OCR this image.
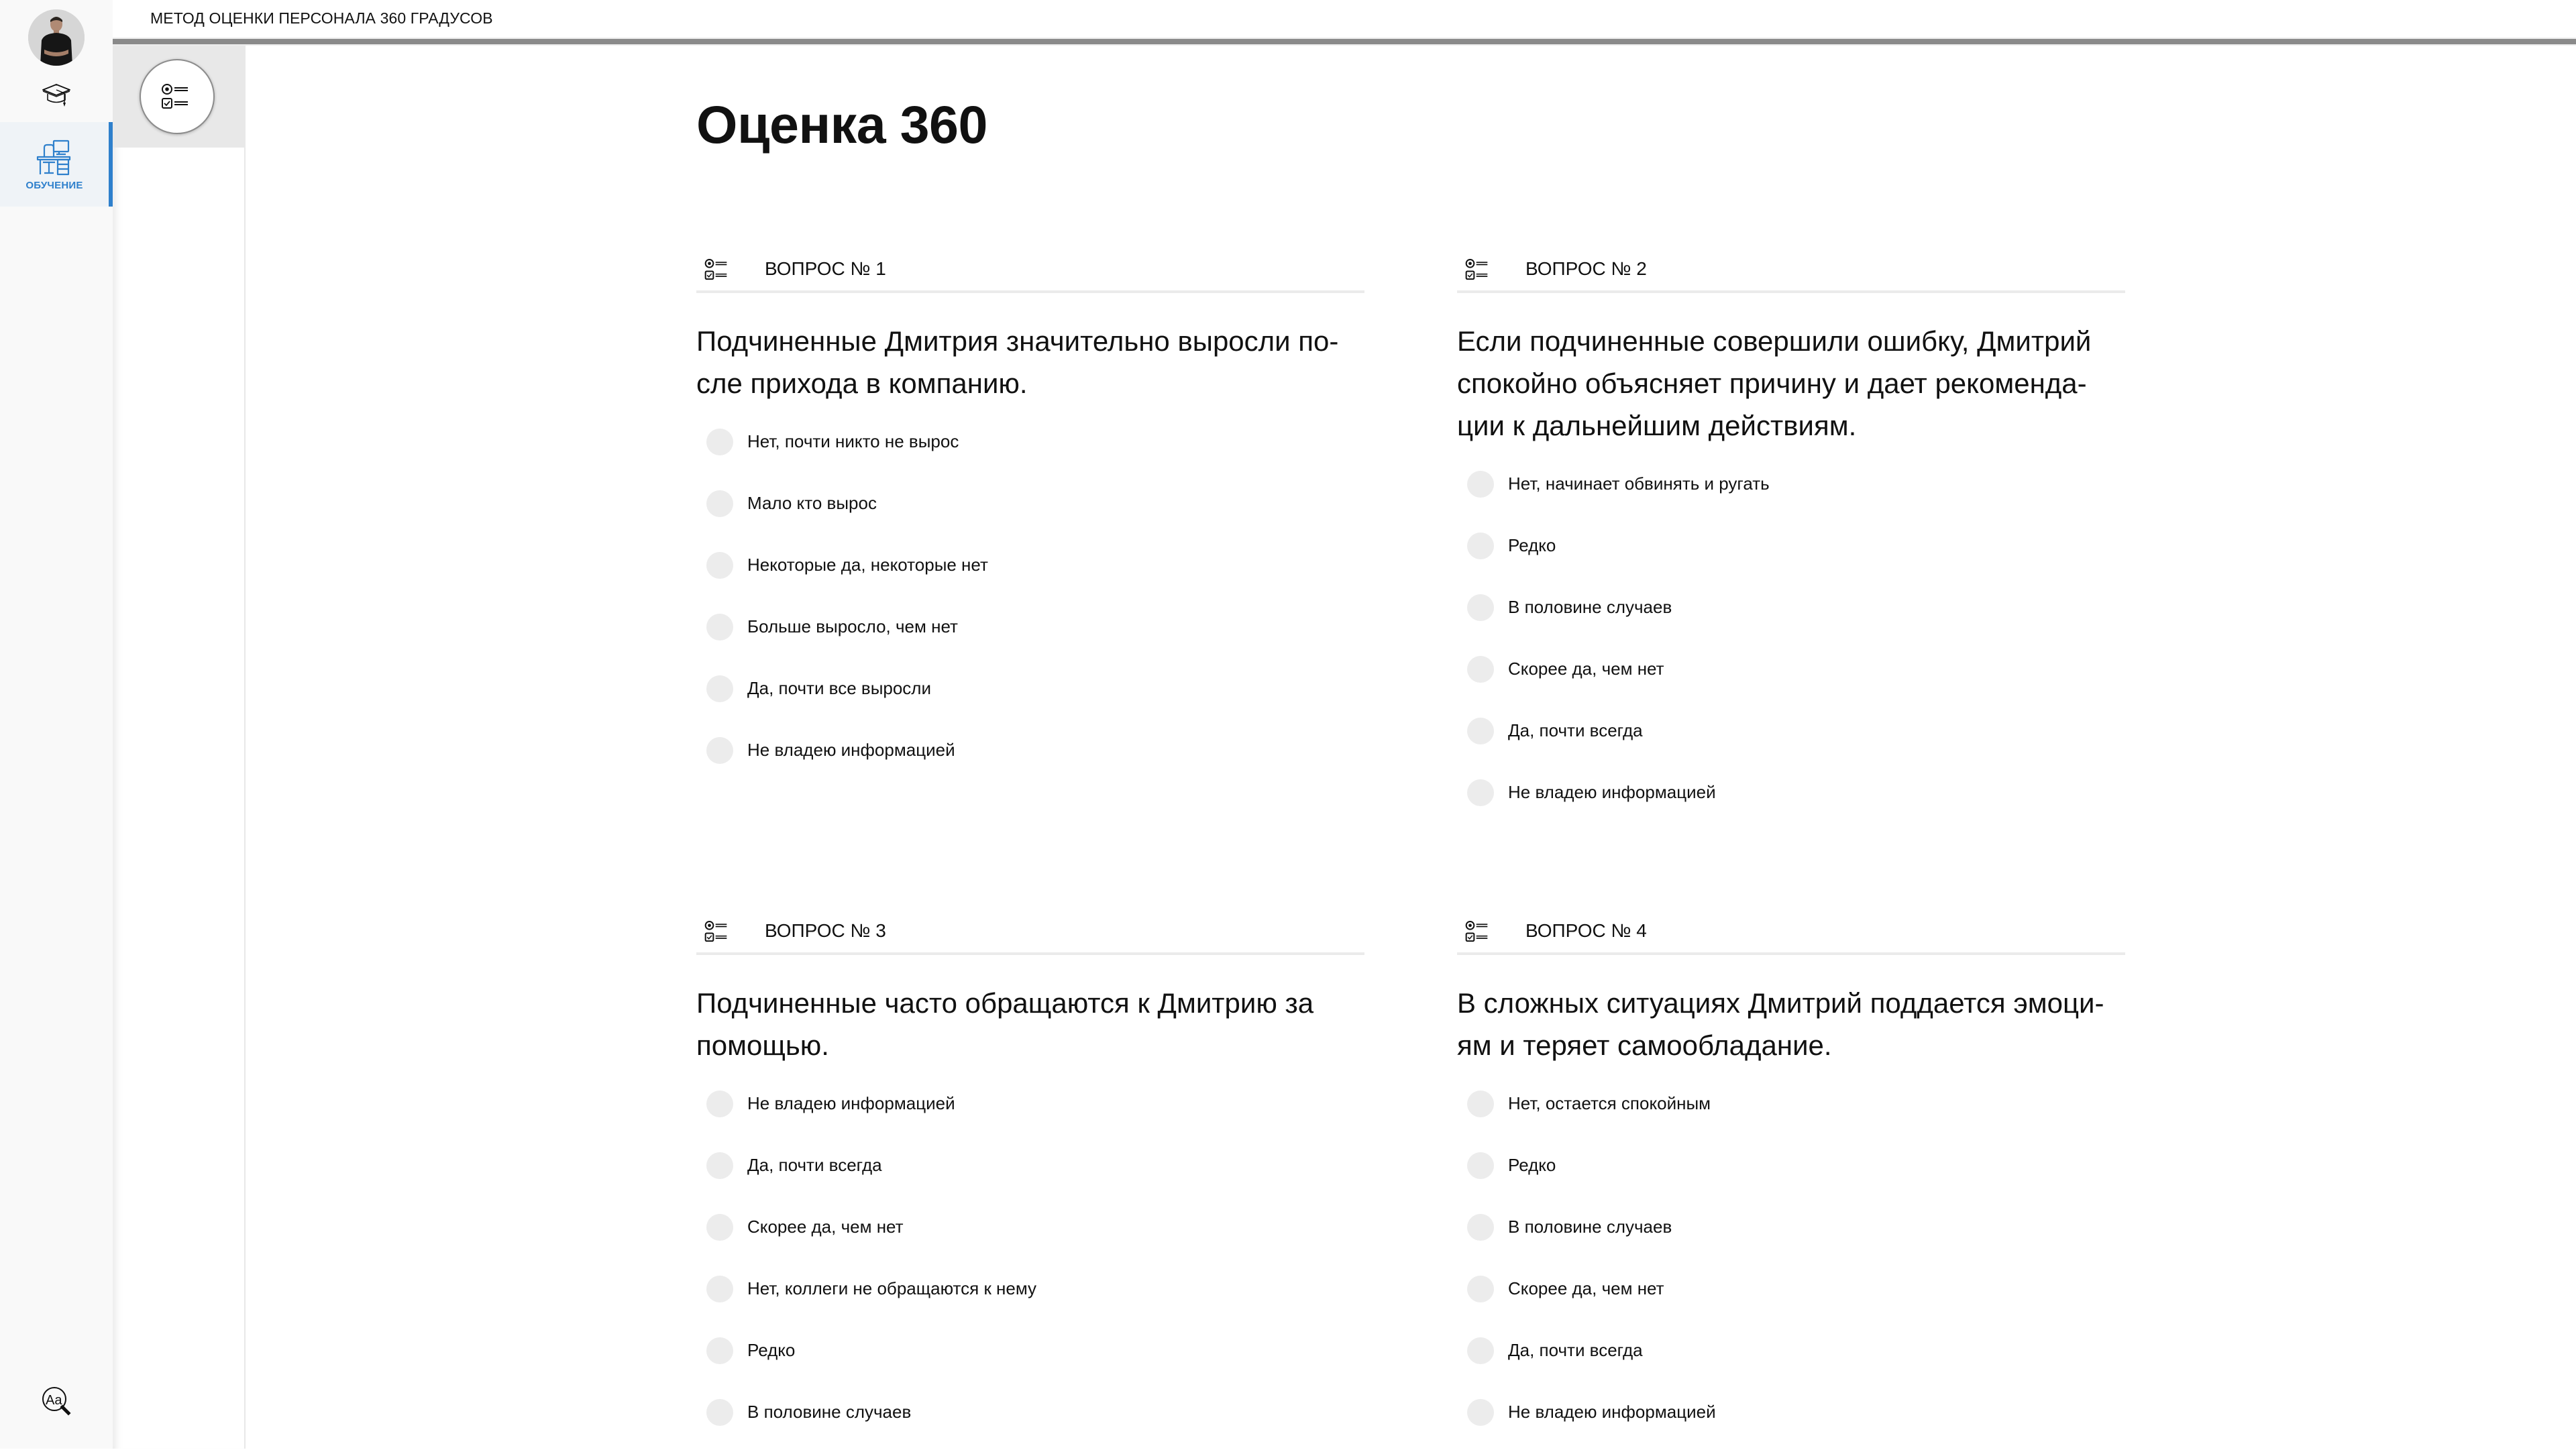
ОБУЧЕНИЕ
Aa
МЕТОД ОЦЕНКИ ПЕРСОНАЛА 360 ГРАДУСОВ
Оценка 360
ВОПРОС № 1

Подчиненные Дмитрия значительно выросли после прихода в компанию.

Нет, почти никто не вырос
Мало кто вырос
Некоторые да, некоторые нет
Больше выросло, чем нет
Да, почти все выросли
Не владею информацией
ВОПРОС № 2

Если подчиненные совершили ошибку, Дмитрий спокойно объясняет причину и дает рекомендации к дальнейшим действиям.

Нет, начинает обвинять и ругать
Редко
В половине случаев
Скорее да, чем нет
Да, почти всегда
Не владею информацией
ВОПРОС № 3

Подчиненные часто обращаются к Дмитрию за помощью.

Не владею информацией
Да, почти всегда
Скорее да, чем нет
Нет, коллеги не обращаются к нему
Редко
В половине случаев
ВОПРОС № 4

В сложных ситуациях Дмитрий поддается эмоциям и теряет самообладание.

Нет, остается спокойным
Редко
В половине случаев
Скорее да, чем нет
Да, почти всегда
Не владею информацией
